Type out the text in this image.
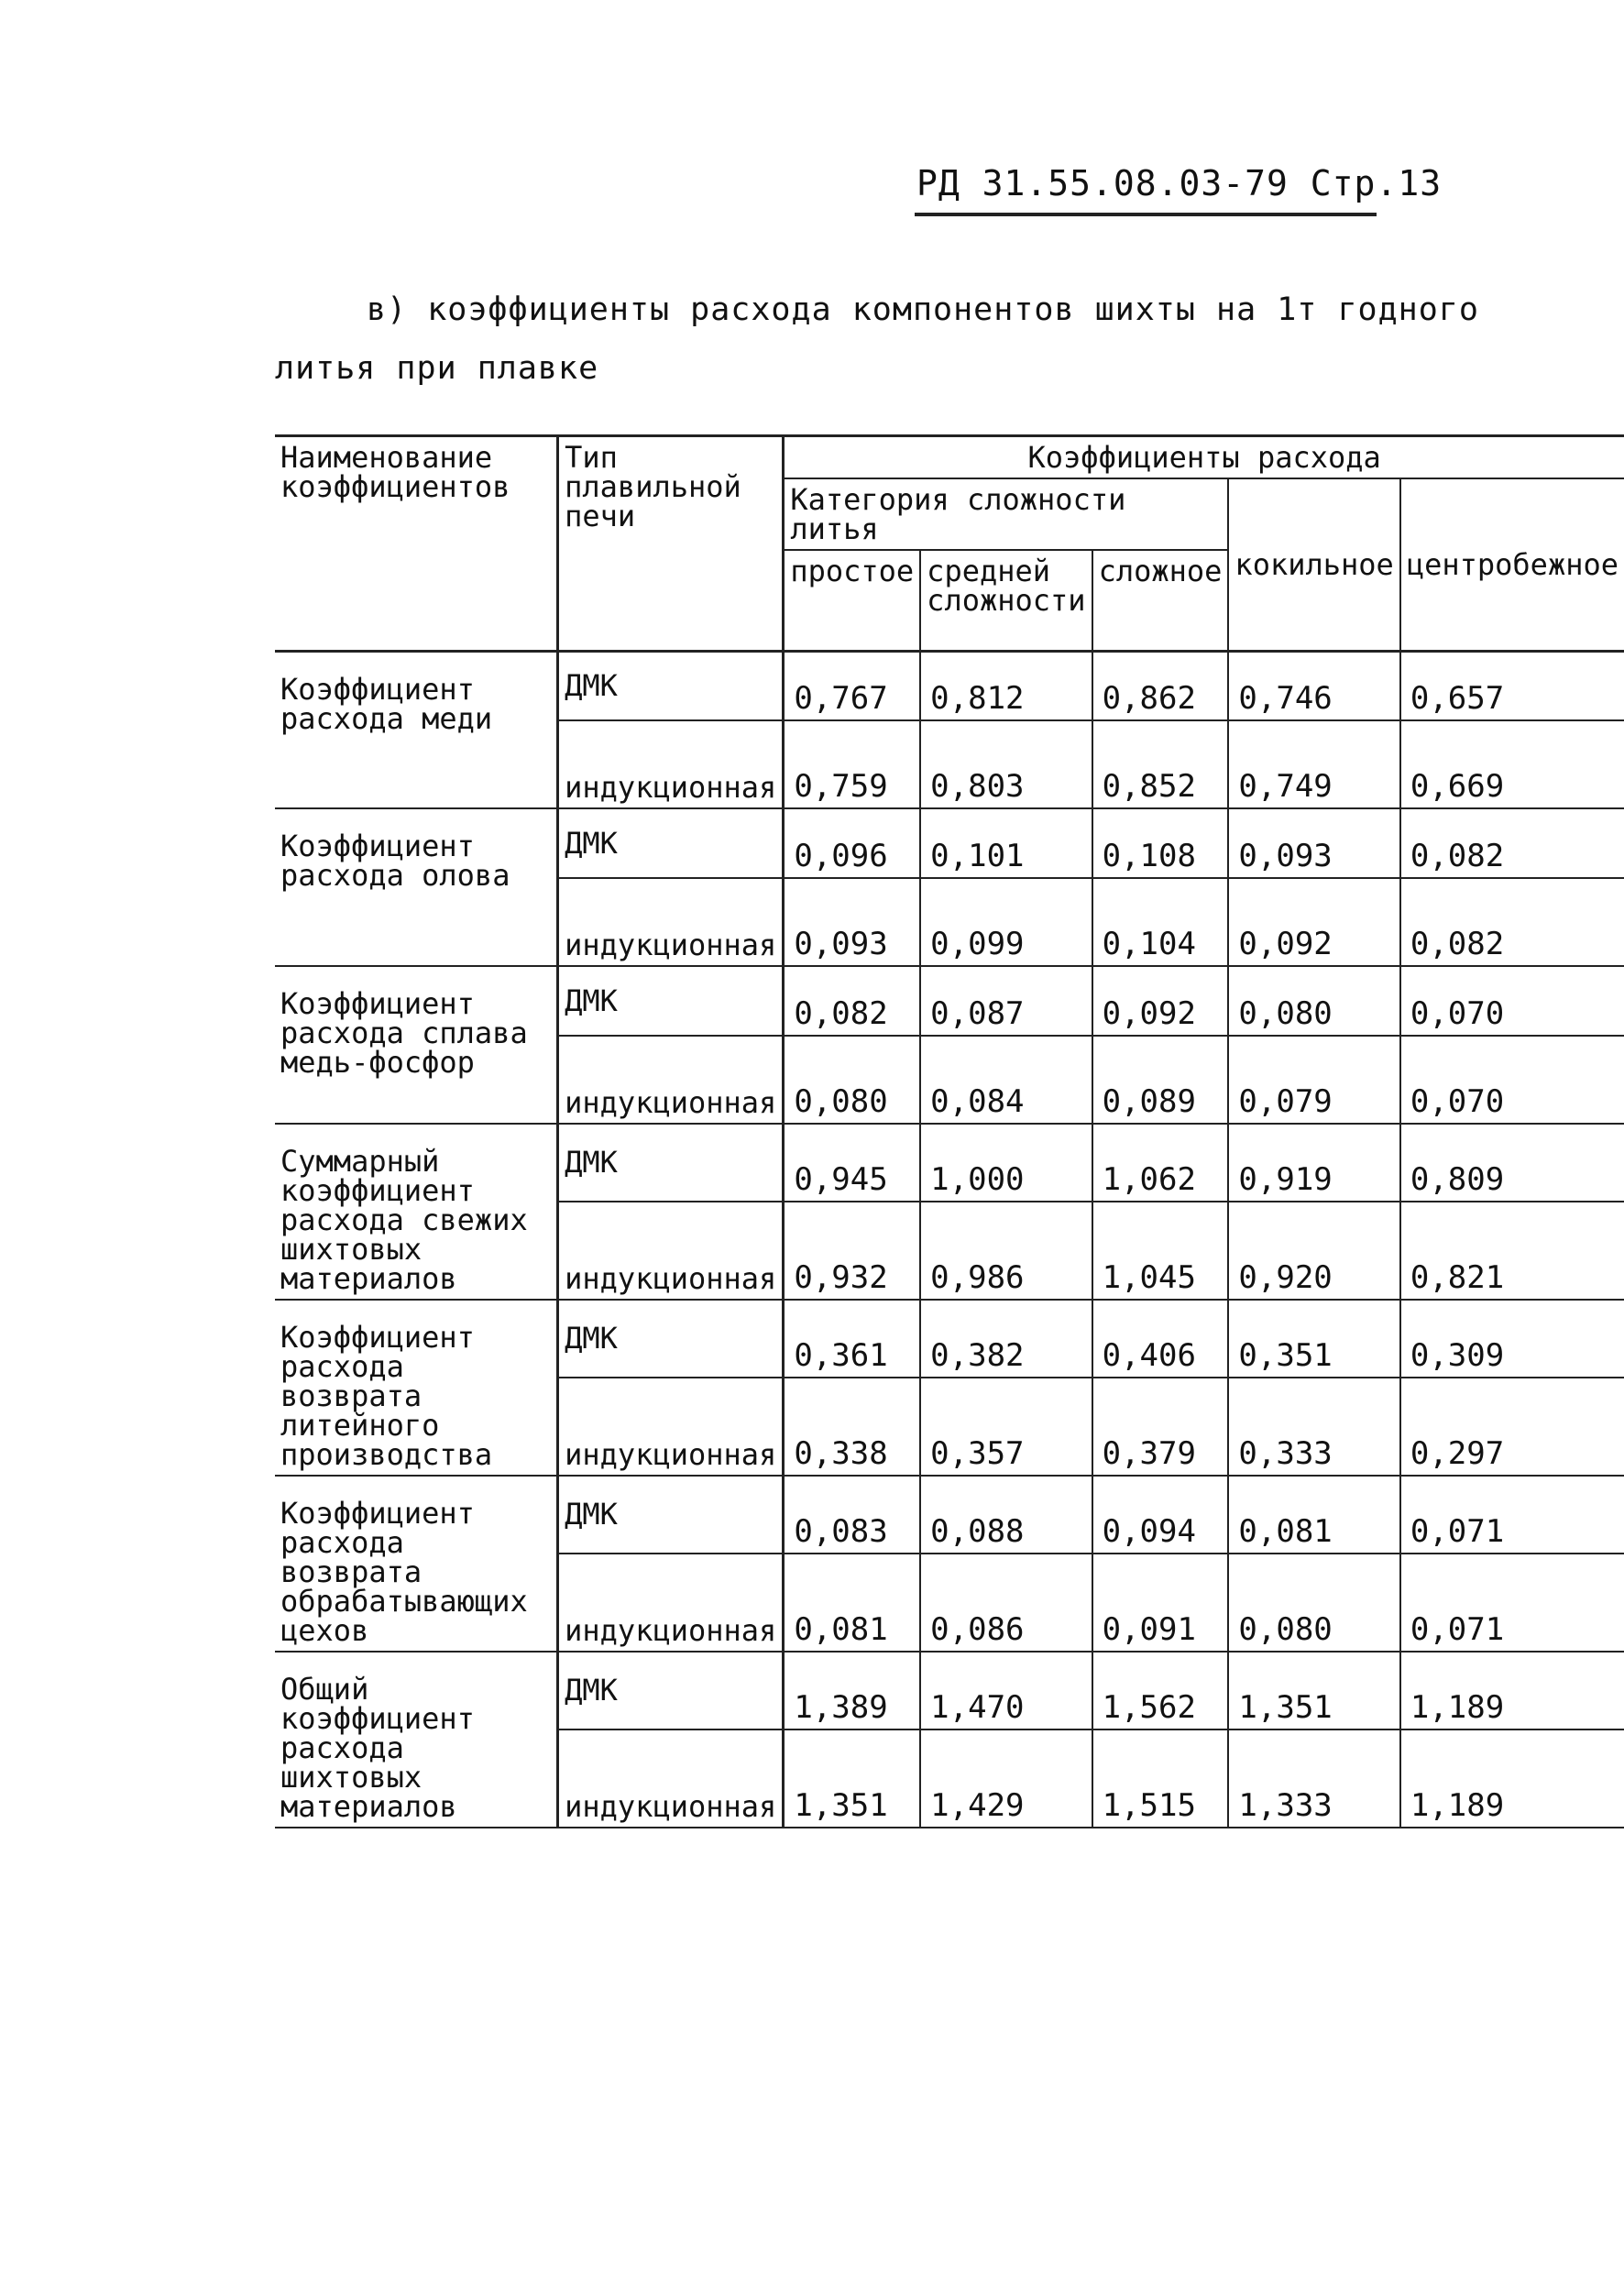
РД 31.55.08.03-79 Стр.13
в) коэффициенты расхода компонентов шихты на 1т годного
литья при плавке
Наименование коэффициентов	Тип плавильной печи	Коэффициенты расхода				
		Категория сложности литья			кокильное	центробежное
		простое	средней сложности	сложное		
Коэффициент расхода меди	ДМК	0,767	0,812	0,862	0,746	0,657
	индукционная	0,759	0,803	0,852	0,749	0,669
Коэффициент расхода олова	ДМК	0,096	0,101	0,108	0,093	0,082
	индукционная	0,093	0,099	0,104	0,092	0,082
Коэффициент расхода сплава медь-фосфор	ДМК	0,082	0,087	0,092	0,080	0,070
	индукционная	0,080	0,084	0,089	0,079	0,070
Суммарный коэффициент расхода свежих шихтовых материалов	ДМК	0,945	1,000	1,062	0,919	0,809
	индукционная	0,932	0,986	1,045	0,920	0,821
Коэффициент расхода возврата литейного производства	ДМК	0,361	0,382	0,406	0,351	0,309
	индукционная	0,338	0,357	0,379	0,333	0,297
Коэффициент расхода возврата обрабатывающих цехов	ДМК	0,083	0,088	0,094	0,081	0,071
	индукционная	0,081	0,086	0,091	0,080	0,071
Общий коэффициент расхода шихтовых материалов	ДМК	1,389	1,470	1,562	1,351	1,189
	индукционная	1,351	1,429	1,515	1,333	1,189
